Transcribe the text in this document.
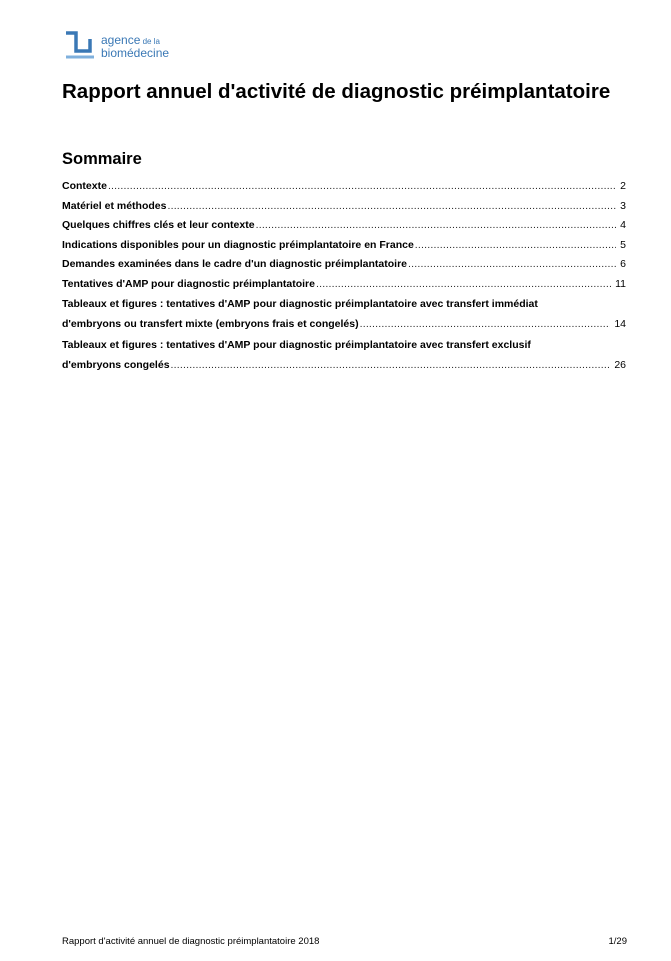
agence de la
biomédecine
Rapport annuel d'activité de diagnostic préimplantatoire
Sommaire
Contexte .....	2
Matériel et méthodes .....	3
Quelques chiffres clés et leur contexte .....	4
Indications disponibles pour un diagnostic préimplantatoire en France .....	5
Demandes examinées dans le cadre d'un diagnostic préimplantatoire .....	6
Tentatives d'AMP pour diagnostic préimplantatoire .....	11
Tableaux et figures : tentatives d'AMP pour diagnostic préimplantatoire avec transfert immédiat
d'embryons ou transfert mixte (embryons frais et congelés) .....	14
Tableaux et figures : tentatives d'AMP pour diagnostic préimplantatoire avec transfert exclusif
d'embryons congelés .....	26
Rapport d'activité annuel de diagnostic préimplantatoire 2018	1/29
